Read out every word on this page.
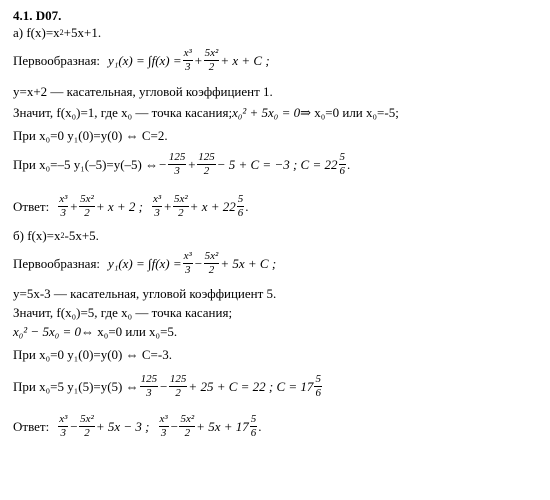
4.1. D07.
а) f(x)=x 2 +5x+1.
Первообразная: $y_1(x) = \int f(x) = \frac{\text{x³}}{3} + \frac{\text{5x²}}{2} + x + C$ ;
y=x+2 — касательная, угловой коэффициент 1.
Значит, f(x₀)=1, где x₀ — точка касания; x₀² + 5x₀ = 0 ⇒ x₀=0 или x₀=-5;
При x₀=0 y₁(0)=y(0) ⇔ C=2.
При x₀=–5 y₁(–5)=y(–5) ⇔ − $\frac{125}{3} + \frac{125}{2} - 5 + C = -3$ ; $C = 22 \frac{5}{6}$ .
Ответ: $\frac{\text{x³}}{3} + \frac{\text{5x²}}{2} + x + 2$ ; $\frac{\text{x³}}{3} + \frac{\text{5x²}}{2} + x + 22 \frac{5}{6}$ .
б) f(x)=x 2 -5x+5.
Первообразная: $y_1(x) = \int f(x) = \frac{\text{x³}}{3} - \frac{\text{5x²}}{2} + 5x + C$ ;
y=5x-3 — касательная, угловой коэффициент 5.
Значит, f(x₀)=5, где x₀ — точка касания;
x₀² − 5x₀ = 0 ⇔ x₀=0 или x₀=5.
При x₀=0 y₁(0)=y(0) ⇔ C=-3.
При x₀=5 y₁(5)=y(5) ⇔ $\frac{125}{3} - \frac{125}{2} + 25 + C = 22$ ; $C = 17 \frac{5}{6}$
Ответ: $\frac{\text{x³}}{3} - \frac{\text{5x²}}{2} + 5x - 3$ ; $\frac{\text{x³}}{3} - \frac{\text{5x²}}{2} + 5x + 17 \frac{5}{6}$ .
